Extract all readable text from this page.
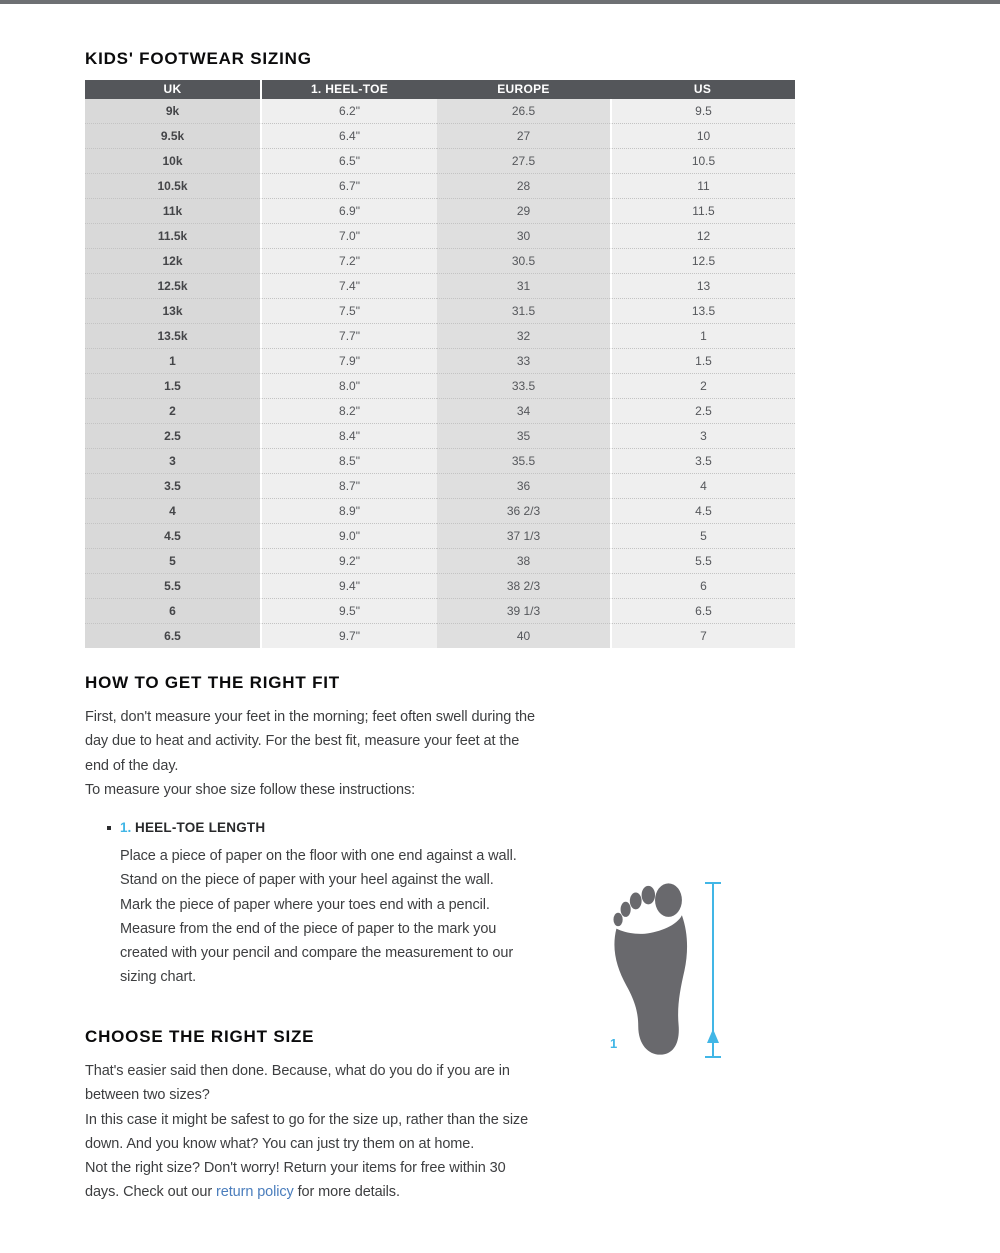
KIDS' FOOTWEAR SIZING
UK	1. HEEL-TOE	EUROPE	US
9k	6.2"	26.5	9.5
9.5k	6.4"	27	10
10k	6.5"	27.5	10.5
10.5k	6.7"	28	11
11k	6.9"	29	11.5
11.5k	7.0"	30	12
12k	7.2"	30.5	12.5
12.5k	7.4"	31	13
13k	7.5"	31.5	13.5
13.5k	7.7"	32	1
1	7.9"	33	1.5
1.5	8.0"	33.5	2
2	8.2"	34	2.5
2.5	8.4"	35	3
3	8.5"	35.5	3.5
3.5	8.7"	36	4
4	8.9"	36 2/3	4.5
4.5	9.0"	37 1/3	5
5	9.2"	38	5.5
5.5	9.4"	38 2/3	6
6	9.5"	39 1/3	6.5
6.5	9.7"	40	7
HOW TO GET THE RIGHT FIT

First, don't measure your feet in the morning; feet often swell during the day due to heat and activity. For the best fit, measure your feet at the end of the day.

To measure your shoe size follow these instructions:

1. HEEL-TOE LENGTH

Place a piece of paper on the floor with one end against a wall. Stand on the piece of paper with your heel against the wall. Mark the piece of paper where your toes end with a pencil. Measure from the end of the piece of paper to the mark you created with your pencil and compare the measurement to our sizing chart.

1
CHOOSE THE RIGHT SIZE

That's easier said then done. Because, what do you do if you are in between two sizes?

In this case it might be safest to go for the size up, rather than the size down. And you know what? You can just try them on at home.

Not the right size? Don't worry! Return your items for free within 30 days. Check out our return policy for more details.
